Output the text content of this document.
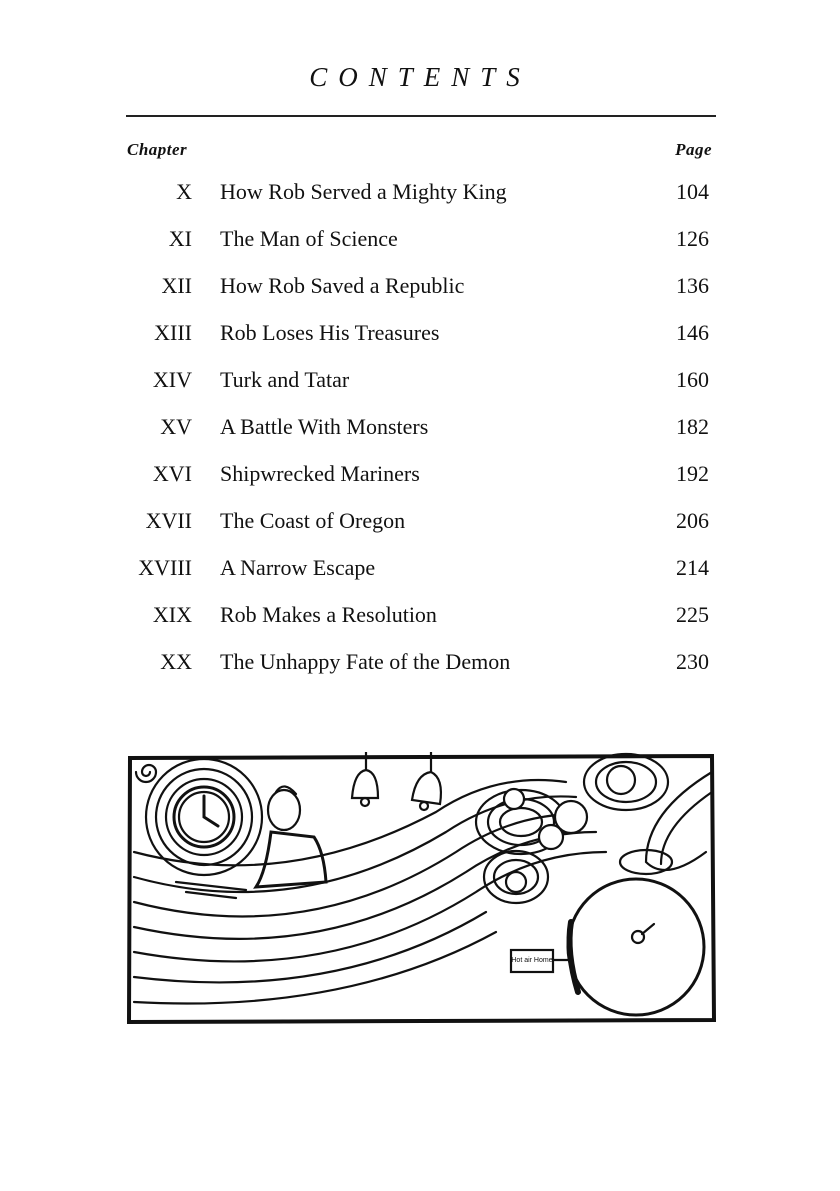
CONTENTS
Chapter	Page
X How Rob Served a Mighty King	104
XI The Man of Science	126
XII How Rob Saved a Republic	136
XIII Rob Loses His Treasures	146
XIV Turk and Tatar	160
XV A Battle With Monsters	182
XVI Shipwrecked Mariners	192
XVII The Coast of Oregon	206
XVIII A Narrow Escape	214
XIX Rob Makes a Resolution	225
XX The Unhappy Fate of the Demon	230
Hot air Home
